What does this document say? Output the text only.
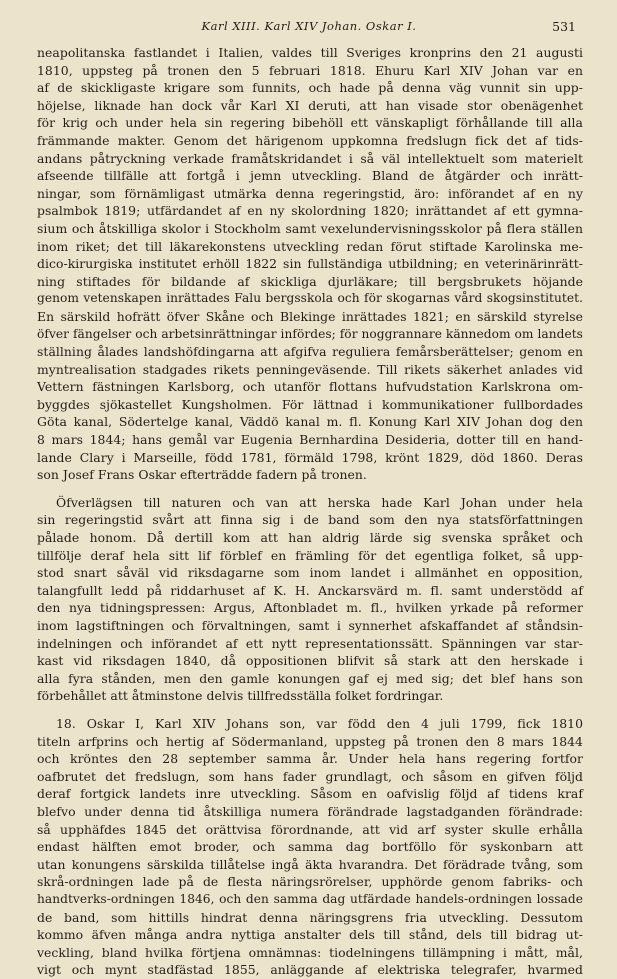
Karl XIII. Karl XIV Johan. Oskar I.	531
neapolitanska fastlandet i Italien, valdes till Sveriges kronprins den 21 augusti
1810, uppsteg på tronen den 5 februari 1818. Ehuru Karl XIV Johan var en
af de skickligaste krigare som funnits, och hade på denna väg vunnit sin upp-
höjelse, liknade han dock vår Karl XI deruti, att han visade stor obenägenhet
för krig och under hela sin regering bibehöll ett vänskapligt förhållande till alla
främmande makter. Genom det härigenom uppkomna fredslugn fick det af tids-
andans påtryckning verkade framåtskridandet i så väl intellektuelt som materielt
afseende tillfälle att fortgå i jemn utveckling. Bland de åtgärder och inrätt-
ningar, som förnämligast utmärka denna regeringstid, äro: införandet af en ny
psalmbok 1819; utfärdandet af en ny skolordning 1820; inrättandet af ett gymna-
sium och åtskilliga skolor i Stockholm samt vexelundervisningsskolor på flera ställen
inom riket; det till läkarekonstens utveckling redan förut stiftade Karolinska me-
dico-kirurgiska institutet erhöll 1822 sin fullständiga utbildning; en veterinärinrätt-
ning stiftades för bildande af skickliga djurläkare; till bergsbrukets höjande
genom vetenskapen inrättades Falu bergsskola och för skogarnas vård skogsinstitutet.
En särskild hofrätt öfver Skåne och Blekinge inrättades 1821; en särskild styrelse
öfver fängelser och arbetsinrättningar infördes; för noggrannare kännedom om landets
ställning ålades landshöfdingarna att afgifva reguliera femårsberättelser; genom en
myntrealisation stadgades rikets penningeväsende. Till rikets säkerhet anlades vid
Vettern fästningen Karlsborg, och utanför flottans hufvudstation Karlskrona om-
byggdes sjökastellet Kungsholmen. För lättnad i kommunikationer fullbordades
Göta kanal, Södertelge kanal, Väddö kanal m. fl. Konung Karl XIV Johan dog den
8 mars 1844; hans gemål var Eugenia Bernhardina Desideria, dotter till en hand-
lande Clary i Marseille, född 1781, förmäld 1798, krönt 1829, död 1860. Deras
son Josef Frans Oskar efterträdde fadern på tronen.
Öfverlägsen till naturen och van att herska hade Karl Johan under hela
sin regeringstid svårt att finna sig i de band som den nya statsförfattningen
pålade honom. Då dertill kom att han aldrig lärde sig svenska språket och
tillfölje deraf hela sitt lif förblef en främling för det egentliga folket, så upp-
stod snart såväl vid riksdagarne som inom landet i allmänhet en opposition,
talangfullt ledd på riddarhuset af K. H. Anckarsvärd m. fl. samt understödd af
den nya tidningspressen: Argus, Aftonbladet m. fl., hvilken yrkade på reformer
inom lagstiftningen och förvaltningen, samt i synnerhet afskaffandet af ståndsin-
indelningen och införandet af ett nytt representationssätt. Spänningen var star-
kast vid riksdagen 1840, då oppositionen blifvit så stark att den herskade i
alla fyra stånden, men den gamle konungen gaf ej med sig; det blef hans son
förbehållet att åtminstone delvis tillfredsställa folket fordringar.
18. Oskar I, Karl XIV Johans son, var född den 4 juli 1799, fick 1810
titeln arfprins och hertig af Södermanland, uppsteg på tronen den 8 mars 1844
och kröntes den 28 september samma år. Under hela hans regering fortfor
oafbrutet det fredslugn, som hans fader grundlagt, och såsom en gifven följd
deraf fortgick landets inre utveckling. Såsom en oafvislig följd af tidens kraf
blefvo under denna tid åtskilliga numera förändrade lagstadganden förändrade:
så upphäfdes 1845 det orättvisa förordnande, att vid arf syster skulle erhålla
endast hälften emot broder, och samma dag bortföllo för syskonbarn att
utan konungens särskilda tillåtelse ingå äkta hvarandra. Det förädrade tvång, som
skrå-ordningen lade på de flesta näringsrörelser, upphörde genom fabriks- och
handtverks-ordningen 1846, och den samma dag utfärdade handels-ordningen lossade
de band, som hittills hindrat denna näringsgrens fria utveckling. Dessutom
kommo äfven många andra nyttiga anstalter dels till stånd, dels till bidrag ut-
veckling, bland hvilka förtjena omnämnas: tiodelningens tillämpning i mått, mål,
vigt och mynt stadfästad 1855, anläggande af elektriska telegrafer, hvarmed
